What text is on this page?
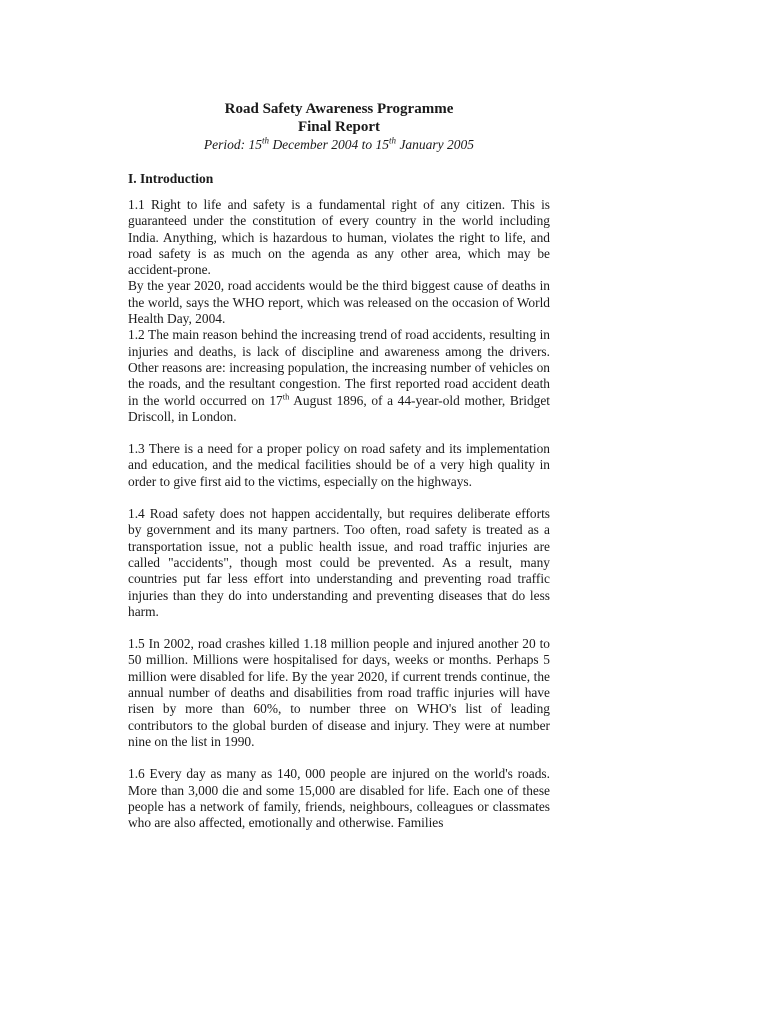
Road Safety Awareness Programme

Final Report

Period: 15th December 2004 to 15th January 2005

I. Introduction

1.1 Right to life and safety is a fundamental right of any citizen. This is guaranteed under the constitution of every country in the world including India. Anything, which is hazardous to human, violates the right to life, and road safety is as much on the agenda as any other area, which may be accident-prone.

By the year 2020, road accidents would be the third biggest cause of deaths in the world, says the WHO report, which was released on the occasion of World Health Day, 2004.

1.2 The main reason behind the increasing trend of road accidents, resulting in injuries and deaths, is lack of discipline and awareness among the drivers. Other reasons are: increasing population, the increasing number of vehicles on the roads, and the resultant congestion. The first reported road accident death in the world occurred on 17th August 1896, of a 44-year-old mother, Bridget Driscoll, in London.

1.3 There is a need for a proper policy on road safety and its implementation and education, and the medical facilities should be of a very high quality in order to give first aid to the victims, especially on the highways.

1.4 Road safety does not happen accidentally, but requires deliberate efforts by government and its many partners. Too often, road safety is treated as a transportation issue, not a public health issue, and road traffic injuries are called "accidents", though most could be prevented. As a result, many countries put far less effort into understanding and preventing road traffic injuries than they do into understanding and preventing diseases that do less harm.

1.5 In 2002, road crashes killed 1.18 million people and injured another 20 to 50 million. Millions were hospitalised for days, weeks or months. Perhaps 5 million were disabled for life. By the year 2020, if current trends continue, the annual number of deaths and disabilities from road traffic injuries will have risen by more than 60%, to number three on WHO's list of leading contributors to the global burden of disease and injury. They were at number nine on the list in 1990.

1.6 Every day as many as 140, 000 people are injured on the world's roads. More than 3,000 die and some 15,000 are disabled for life. Each one of these people has a network of family, friends, neighbours, colleagues or classmates who are also affected, emotionally and otherwise. Families
